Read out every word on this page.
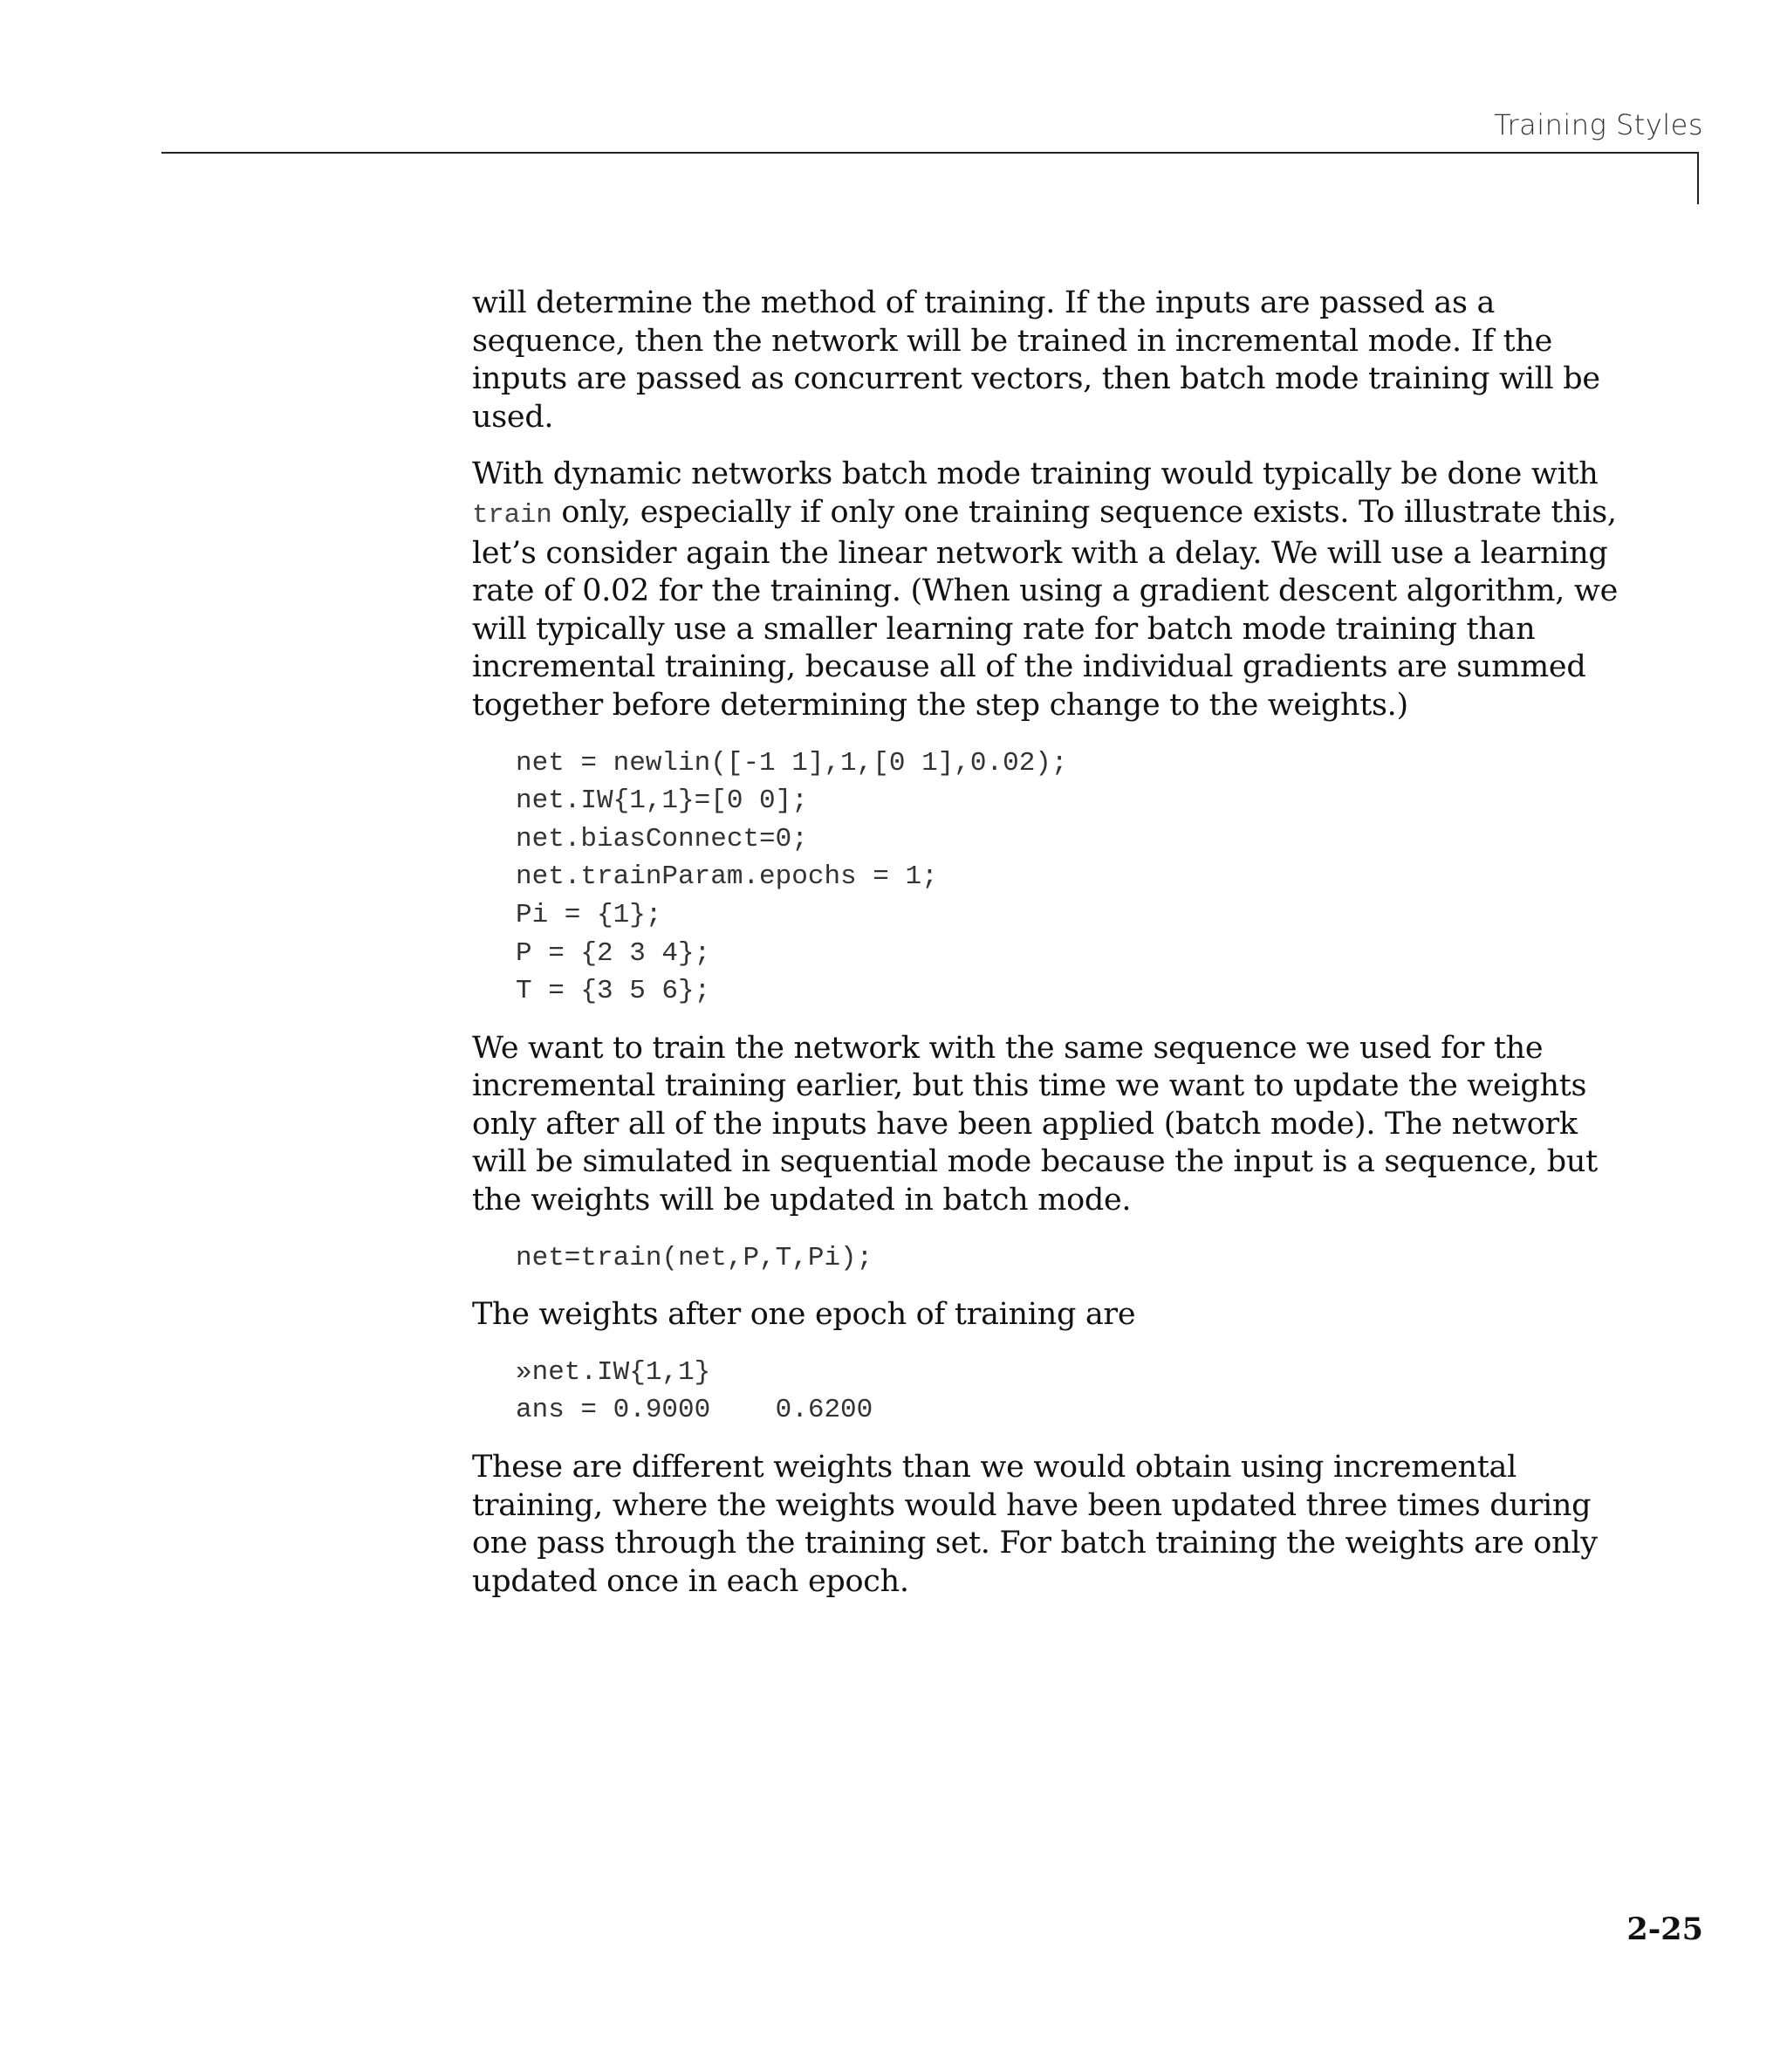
Training Styles

will determine the method of training. If the inputs are passed as a sequence, then the network will be trained in incremental mode. If the inputs are passed as concurrent vectors, then batch mode training will be used.

With dynamic networks batch mode training would typically be done with train only, especially if only one training sequence exists. To illustrate this, let’s consider again the linear network with a delay. We will use a learning rate of 0.02 for the training. (When using a gradient descent algorithm, we will typically use a smaller learning rate for batch mode training than incremental training, because all of the individual gradients are summed together before determining the step change to the weights.)

net = newlin([-1 1],1,[0 1],0.02);
net.IW{1,1}=[0 0];
net.biasConnect=0;
net.trainParam.epochs = 1;
Pi = {1};
P = {2 3 4};
T = {3 5 6};

We want to train the network with the same sequence we used for the incremental training earlier, but this time we want to update the weights only after all of the inputs have been applied (batch mode). The network will be simulated in sequential mode because the input is a sequence, but the weights will be updated in batch mode.

net=train(net,P,T,Pi);

The weights after one epoch of training are

»net.IW{1,1}
ans = 0.9000    0.6200

These are different weights than we would obtain using incremental training, where the weights would have been updated three times during one pass through the training set. For batch training the weights are only updated once in each epoch.

2-25
